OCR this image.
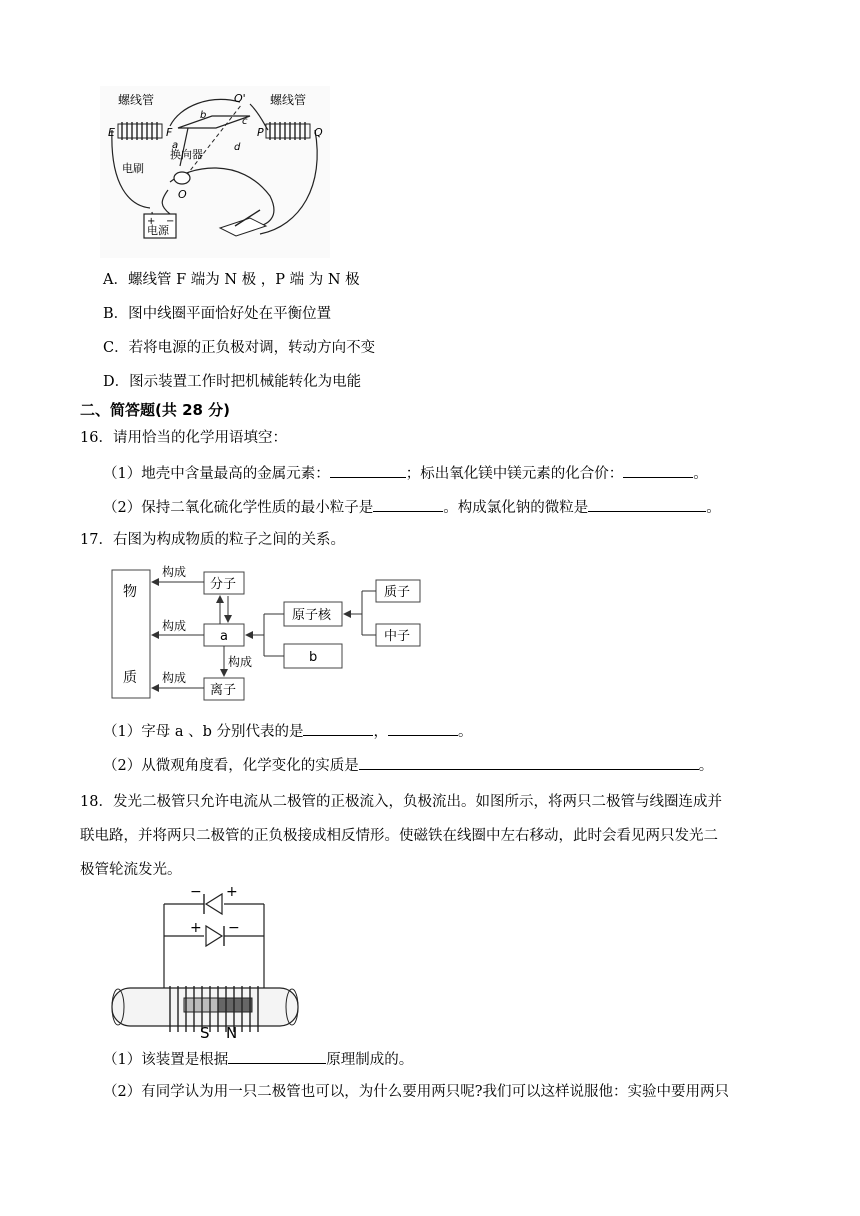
螺线管	螺线管
E	F	P	Q
O'
O
a
b
c
d
换向器
电刷
电源
+ −
A．螺线管 F 端为 N 极 ，P 端 为 N 极
B．图中线圈平面恰好处在平衡位置
C．若将电源的正负极对调，转动方向不变
D．图示装置工作时把机械能转化为电能
二、简答题(共 28 分)
16．请用恰当的化学用语填空：
（1）地壳中含量最高的金属元素：	；标出氧化镁中镁元素的化合价：	。
（2）保持二氧化硫化学性质的最小粒子是	。构成氯化钠的微粒是	。
17．右图为构成物质的粒子之间的关系。
物
质
分子
a
离子
原子核
b
质子
中子
构成
构成
构成
构成
（1）字母 a 、b 分别代表的是	，	。
（2）从微观角度看，化学变化的实质是	。
18．发光二极管只允许电流从二极管的正极流入，负极流出。如图所示，将两只二极管与线圈连成并
联电路，并将两只二极管的正负极接成相反情形。使磁铁在线圈中左右移动，此时会看见两只发光二
极管轮流发光。
− +
+ −
S N
（1）该装置是根据	原理制成的。
（2）有同学认为用一只二极管也可以，为什么要用两只呢?我们可以这样说服他：实验中要用两只
